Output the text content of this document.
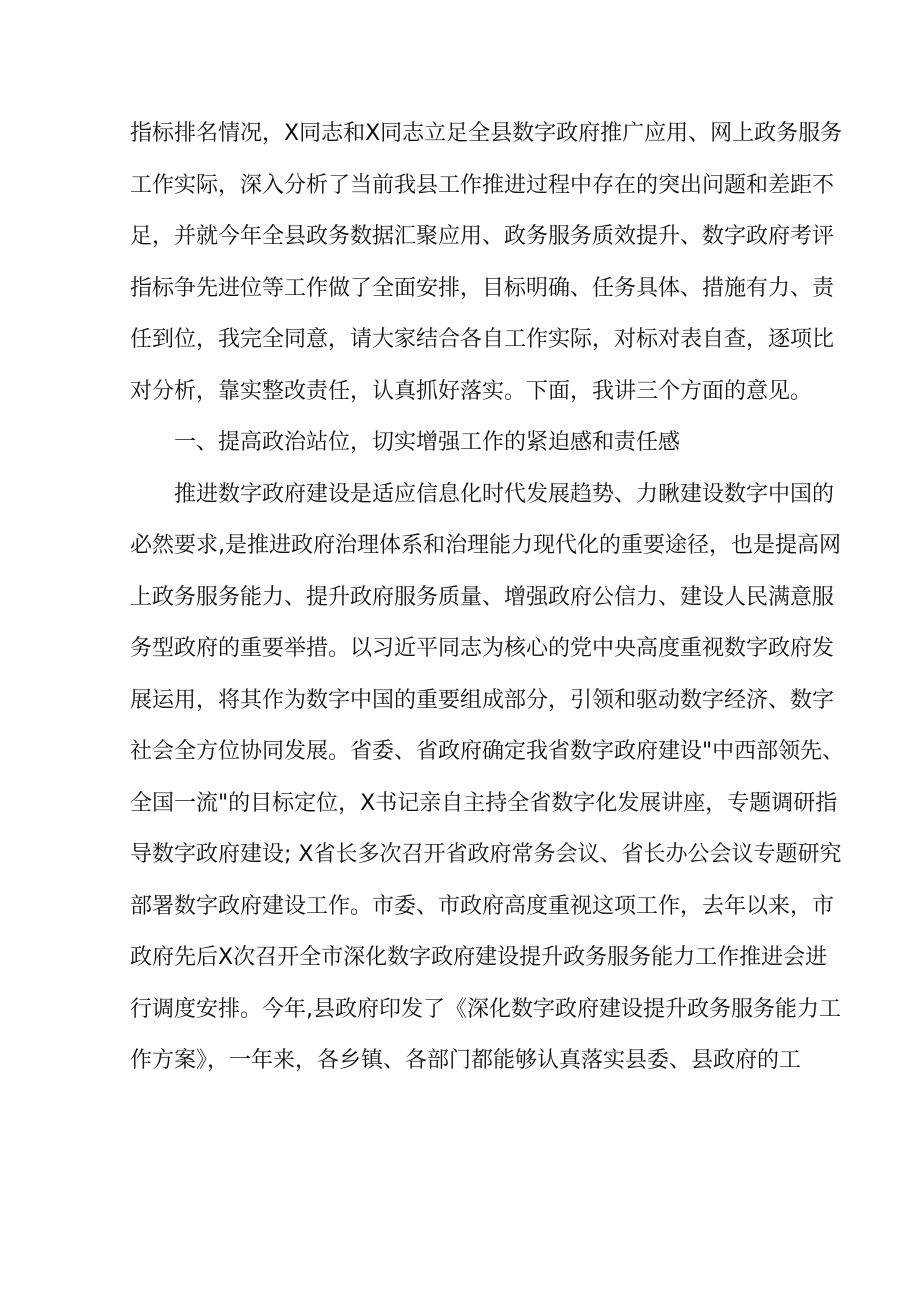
指标排名情况，X同志和X同志立足全县数字政府推广应用、网上政务服务
工作实际，深入分析了当前我县工作推进过程中存在的突出问题和差距不
足，并就今年全县政务数据汇聚应用、政务服务质效提升、数字政府考评
指标争先进位等工作做了全面安排，目标明确、任务具体、措施有力、责
任到位，我完全同意，请大家结合各自工作实际，对标对表自查，逐项比
对分析，靠实整改责任，认真抓好落实。下面，我讲三个方面的意见。
一、提高政治站位，切实增强工作的紧迫感和责任感
推进数字政府建设是适应信息化时代发展趋势、力瞅建设数字中国的
必然要求,是推进政府治理体系和治理能力现代化的重要途径，也是提高网
上政务服务能力、提升政府服务质量、增强政府公信力、建设人民满意服
务型政府的重要举措。以习近平同志为核心的党中央高度重视数字政府发
展运用，将其作为数字中国的重要组成部分，引领和驱动数字经济、数字
社会全方位协同发展。省委、省政府确定我省数字政府建设"中西部领先、
全国一流"的目标定位，X书记亲自主持全省数字化发展讲座，专题调研指
导数字政府建设; X省长多次召开省政府常务会议、省长办公会议专题研究
部署数字政府建设工作。市委、市政府高度重视这项工作，去年以来，市
政府先后X次召开全市深化数字政府建设提升政务服务能力工作推进会进
行调度安排。今年,县政府印发了《深化数字政府建设提升政务服务能力工
作方案》，一年来，各乡镇、各部门都能够认真落实县委、县政府的工
